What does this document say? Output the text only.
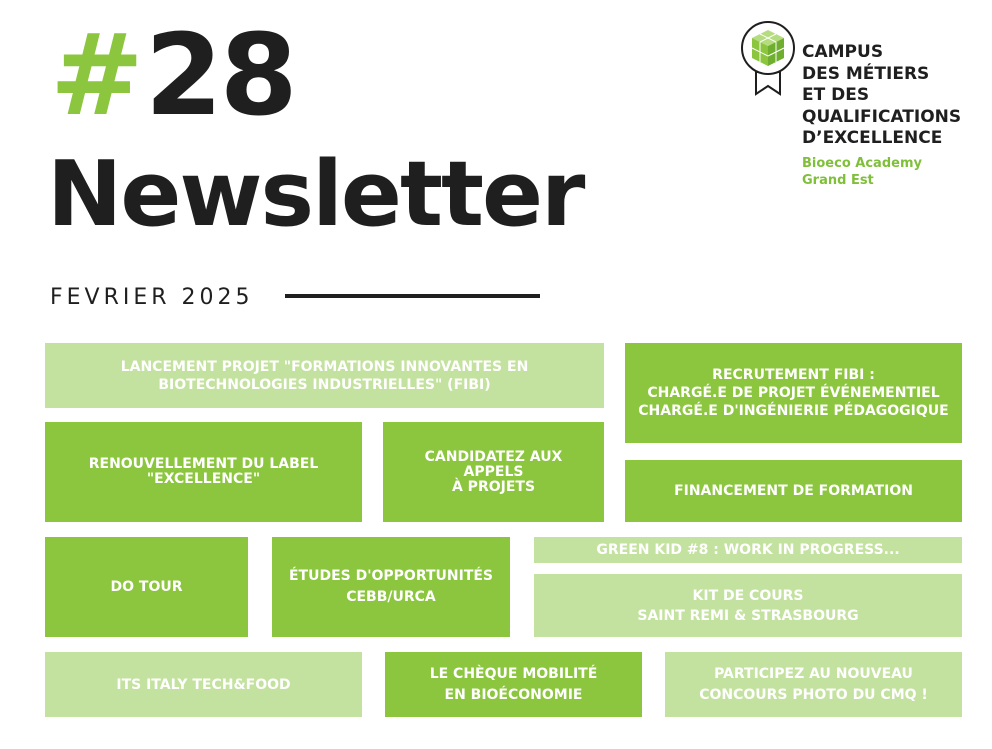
# 28
Newsletter
FEVRIER 2025
CAMPUS
DES MÉTIERS
ET DES
QUALIFICATIONS
D’EXCELLENCE
Bioeco Academy
Grand Est
LANCEMENT PROJET "FORMATIONS INNOVANTES EN
BIOTECHNOLOGIES INDUSTRIELLES" (FIBI)
RECRUTEMENT FIBI :
CHARGÉ.E DE PROJET ÉVÉNEMENTIEL
CHARGÉ.E D'INGÉNIERIE PÉDAGOGIQUE
RENOUVELLEMENT DU LABEL
"EXCELLENCE"
CANDIDATEZ AUX APPELS
À PROJETS	FINANCEMENT DE FORMATION
DO TOUR
ÉTUDES D'OPPORTUNITÉS
CEBB/URCA
GREEN KID #8 : WORK IN PROGRESS...
KIT DE COURS
SAINT REMI & STRASBOURG
ITS ITALY TECH&FOOD
LE CHÈQUE MOBILITÉ
EN BIOÉCONOMIE
PARTICIPEZ AU NOUVEAU
CONCOURS PHOTO DU CMQ !
